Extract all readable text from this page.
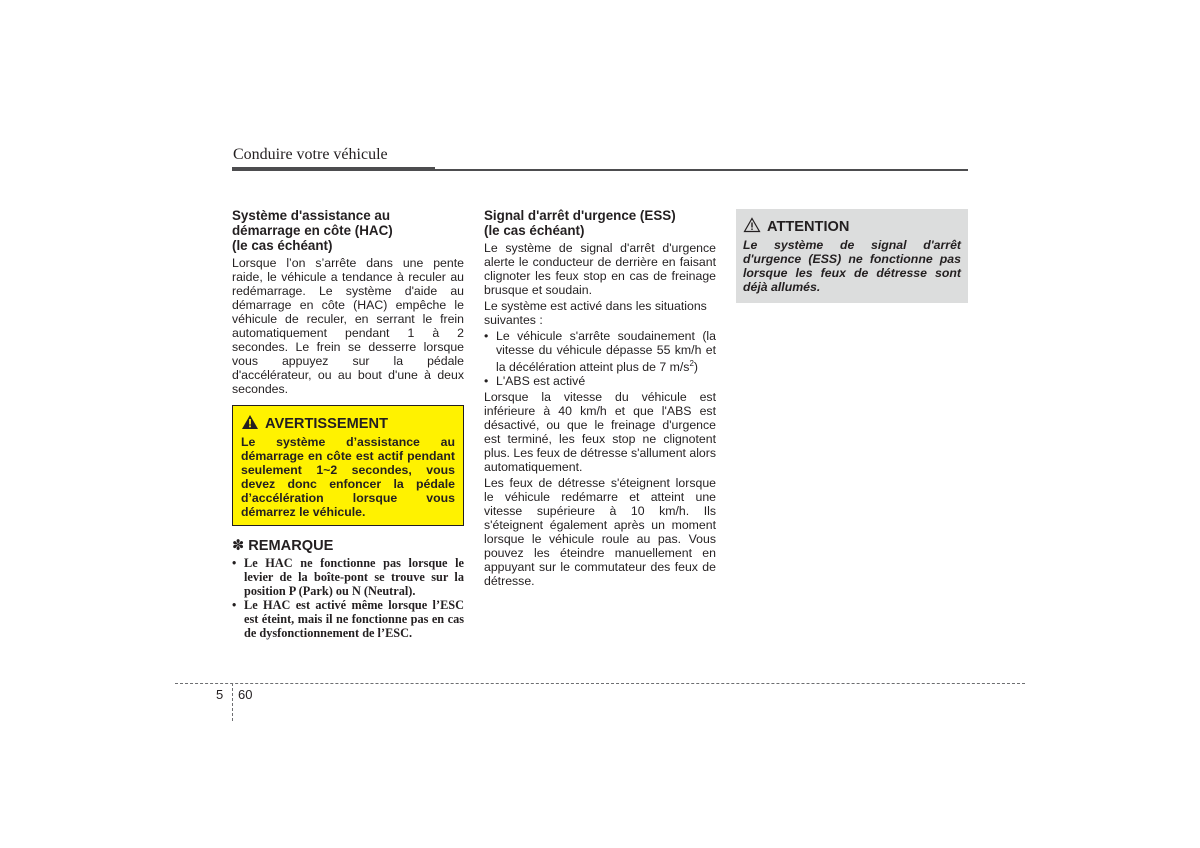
Conduire votre véhicule
Système d'assistance au
démarrage en côte (HAC)
(le cas échéant)

Lorsque l’on s’arrête dans une pente raide, le véhicule a tendance à reculer au redémarrage. Le système d'aide au démarrage en côte (HAC) empêche le véhicule de reculer, en serrant le frein automatiquement pendant 1 à 2 secondes. Le frein se desserre lorsque vous appuyez sur la pédale d'accélérateur, ou au bout d'une à deux secondes.

AVERTISSEMENT
Le système d’assistance au démarrage en côte est actif pendant seulement 1~2 secondes, vous devez donc enfoncer la pédale d’accélération lorsque vous démarrez le véhicule.
✽ REMARQUE
• Le HAC ne fonctionne pas lorsque le levier de la boîte-pont se trouve sur la position P (Park) ou N (Neutral).
• Le HAC est activé même lorsque l’ESC est éteint, mais il ne fonctionne pas en cas de dysfonctionnement de l’ESC.
Signal d'arrêt d'urgence (ESS)
(le cas échéant)

Le système de signal d'arrêt d'urgence alerte le conducteur de derrière en faisant clignoter les feux stop en cas de freinage brusque et soudain.

Le système est activé dans les situations suivantes :

• Le véhicule s'arrête soudainement (la vitesse du véhicule dépasse 55 km/h et la décélération atteint plus de 7 $m/s^2$)
• L'ABS est activé

Lorsque la vitesse du véhicule est inférieure à 40 km/h et que l'ABS est désactivé, ou que le freinage d'urgence est terminé, les feux stop ne clignotent plus. Les feux de détresse s'allument alors automatiquement.

Les feux de détresse s'éteignent lorsque le véhicule redémarre et atteint une vitesse supérieure à 10 km/h. Ils s'éteignent également après un moment lorsque le véhicule roule au pas. Vous pouvez les éteindre manuellement en appuyant sur le commutateur des feux de détresse.

ATTENTION
Le système de signal d'arrêt d'urgence (ESS) ne fonctionne pas lorsque les feux de détresse sont déjà allumés.
5 60
